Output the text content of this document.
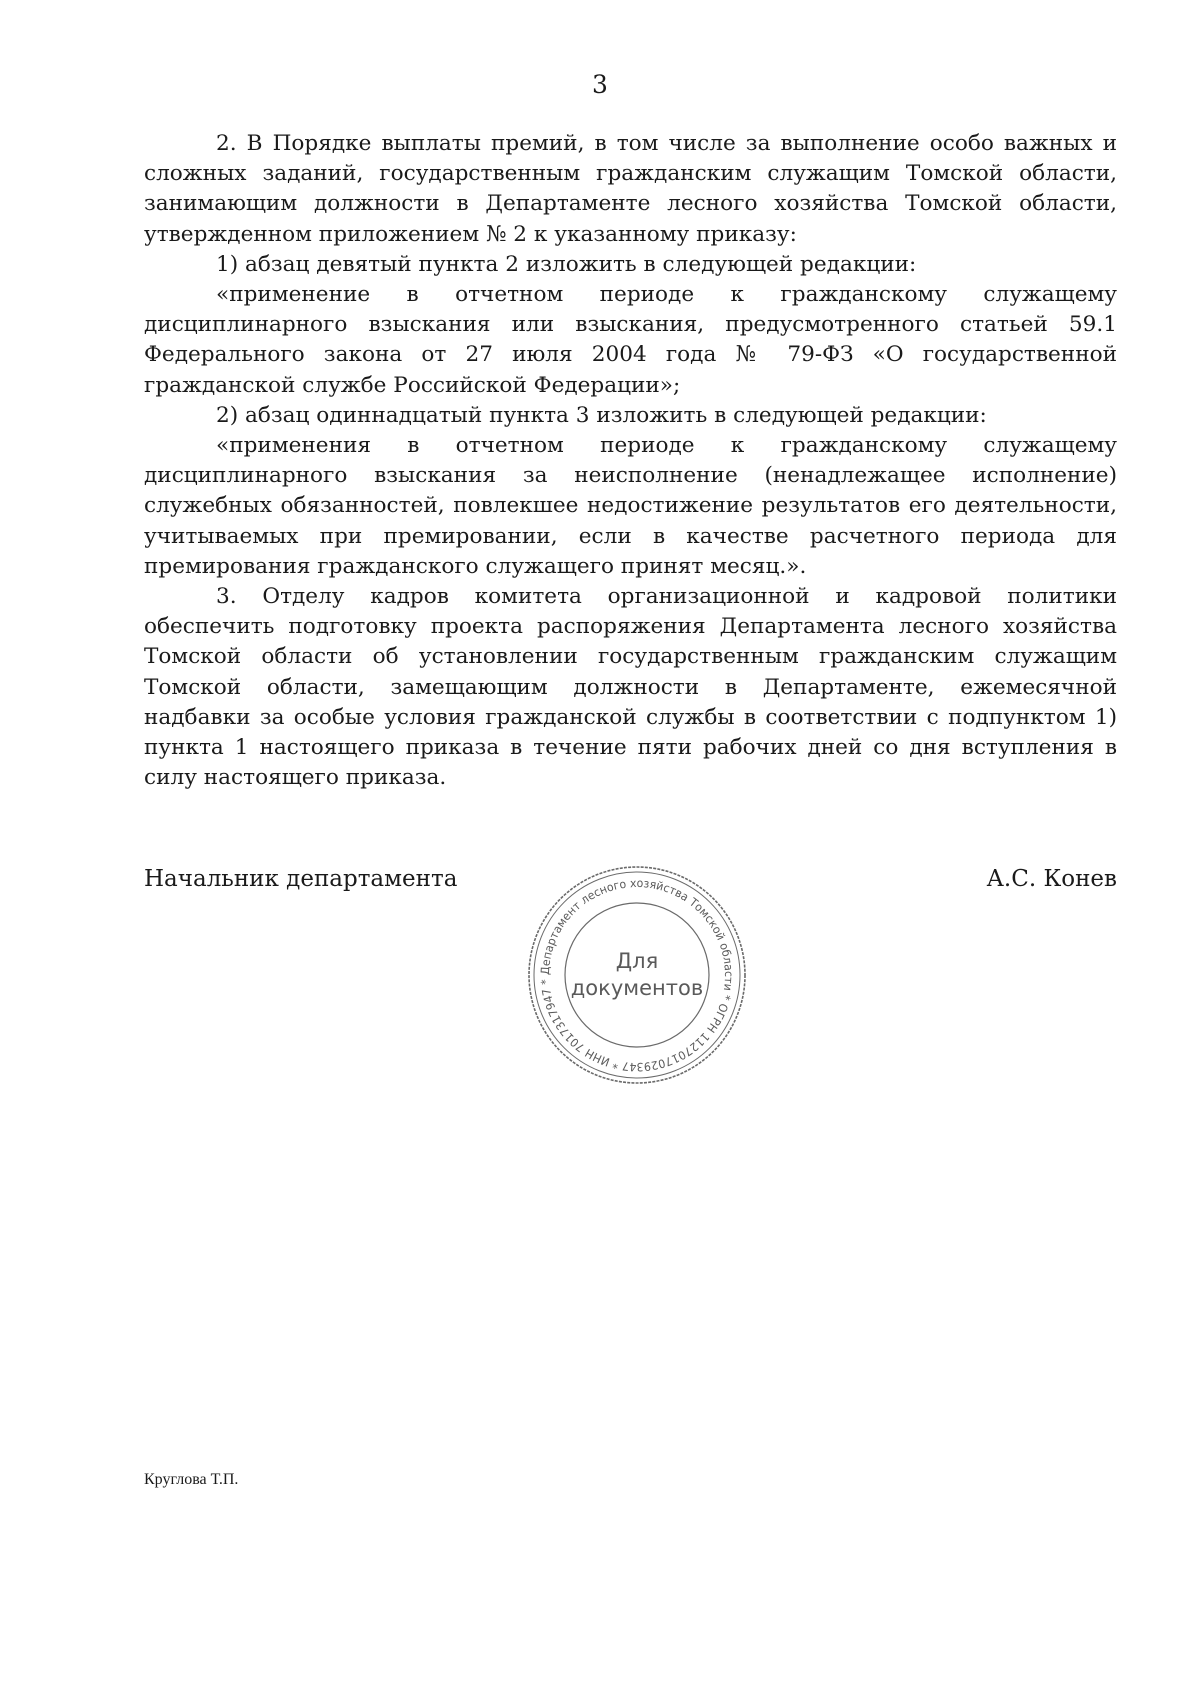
3

2. В Порядке выплаты премий, в том числе за выполнение особо важных и сложных заданий, государственным гражданским служащим Томской области, занимающим должности в Департаменте лесного хозяйства Томской области, утвержденном приложением № 2 к указанному приказу:

1) абзац девятый пункта 2 изложить в следующей редакции:

«применение в отчетном периоде к гражданскому служащему дисциплинарного взыскания или взыскания, предусмотренного статьей 59.1 Федерального закона от 27 июля 2004 года № 79-ФЗ «О государственной гражданской службе Российской Федерации»;

2) абзац одиннадцатый пункта 3 изложить в следующей редакции:

«применения в отчетном периоде к гражданскому служащему дисциплинарного взыскания за неисполнение (ненадлежащее исполнение) служебных обязанностей, повлекшее недостижение результатов его деятельности, учитываемых при премировании, если в качестве расчетного периода для премирования гражданского служащего принят месяц.».

3. Отделу кадров комитета организационной и кадровой политики обеспечить подготовку проекта распоряжения Департамента лесного хозяйства Томской области об установлении государственным гражданским служащим Томской области, замещающим должности в Департаменте, ежемесячной надбавки за особые условия гражданской службы в соответствии с подпунктом 1) пункта 1 настоящего приказа в течение пяти рабочих дней со дня вступления в силу настоящего приказа.

Начальник департамента	А.С. Конев
Департамент лесного хозяйства Томской области * ОГРН 1127017029347 * ИНН 7017317947 *
Для
документов
Круглова Т.П.
